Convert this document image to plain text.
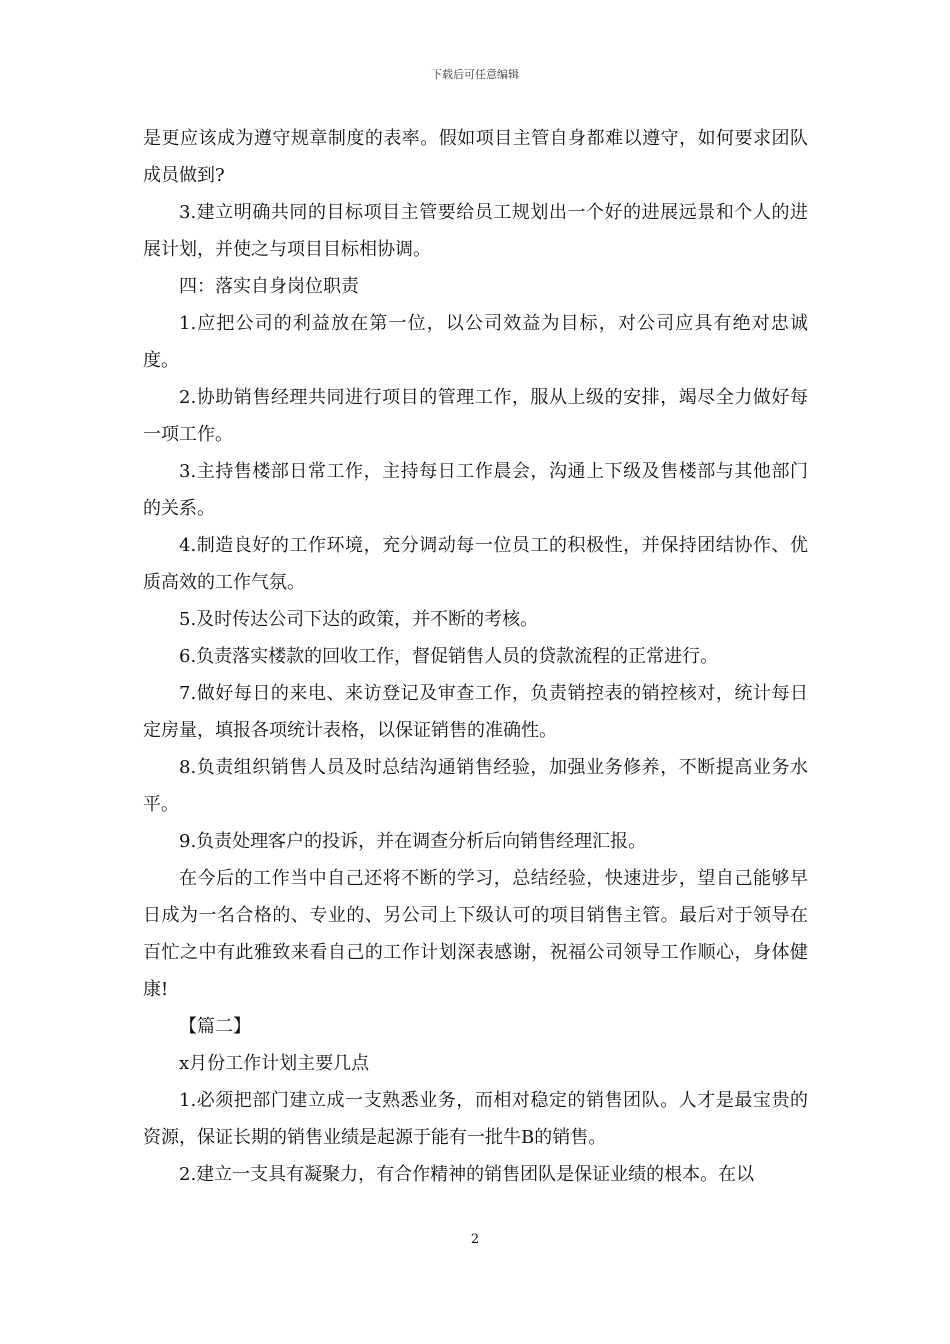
下载后可任意编辑

是更应该成为遵守规章制度的表率。假如项目主管自身都难以遵守，如何要求团队成员做到?

3.建立明确共同的目标项目主管要给员工规划出一个好的进展远景和个人的进展计划，并使之与项目目标相协调。

四：落实自身岗位职责

1.应把公司的利益放在第一位，以公司效益为目标，对公司应具有绝对忠诚度。

2.协助销售经理共同进行项目的管理工作，服从上级的安排，竭尽全力做好每一项工作。

3.主持售楼部日常工作，主持每日工作晨会，沟通上下级及售楼部与其他部门的关系。

4.制造良好的工作环境，充分调动每一位员工的积极性，并保持团结协作、优质高效的工作气氛。

5.及时传达公司下达的政策，并不断的考核。

6.负责落实楼款的回收工作，督促销售人员的贷款流程的正常进行。

7.做好每日的来电、来访登记及审查工作，负责销控表的销控核对，统计每日定房量，填报各项统计表格，以保证销售的准确性。

8.负责组织销售人员及时总结沟通销售经验，加强业务修养，不断提高业务水平。

9.负责处理客户的投诉，并在调查分析后向销售经理汇报。

在今后的工作当中自己还将不断的学习，总结经验，快速进步，望自己能够早日成为一名合格的、专业的、另公司上下级认可的项目销售主管。最后对于领导在百忙之中有此雅致来看自己的工作计划深表感谢，祝福公司领导工作顺心，身体健康!

【篇二】

x月份工作计划主要几点

1.必须把部门建立成一支熟悉业务，而相对稳定的销售团队。人才是最宝贵的资源，保证长期的销售业绩是起源于能有一批牛B的销售。

2.建立一支具有凝聚力，有合作精神的销售团队是保证业绩的根本。在以

2
